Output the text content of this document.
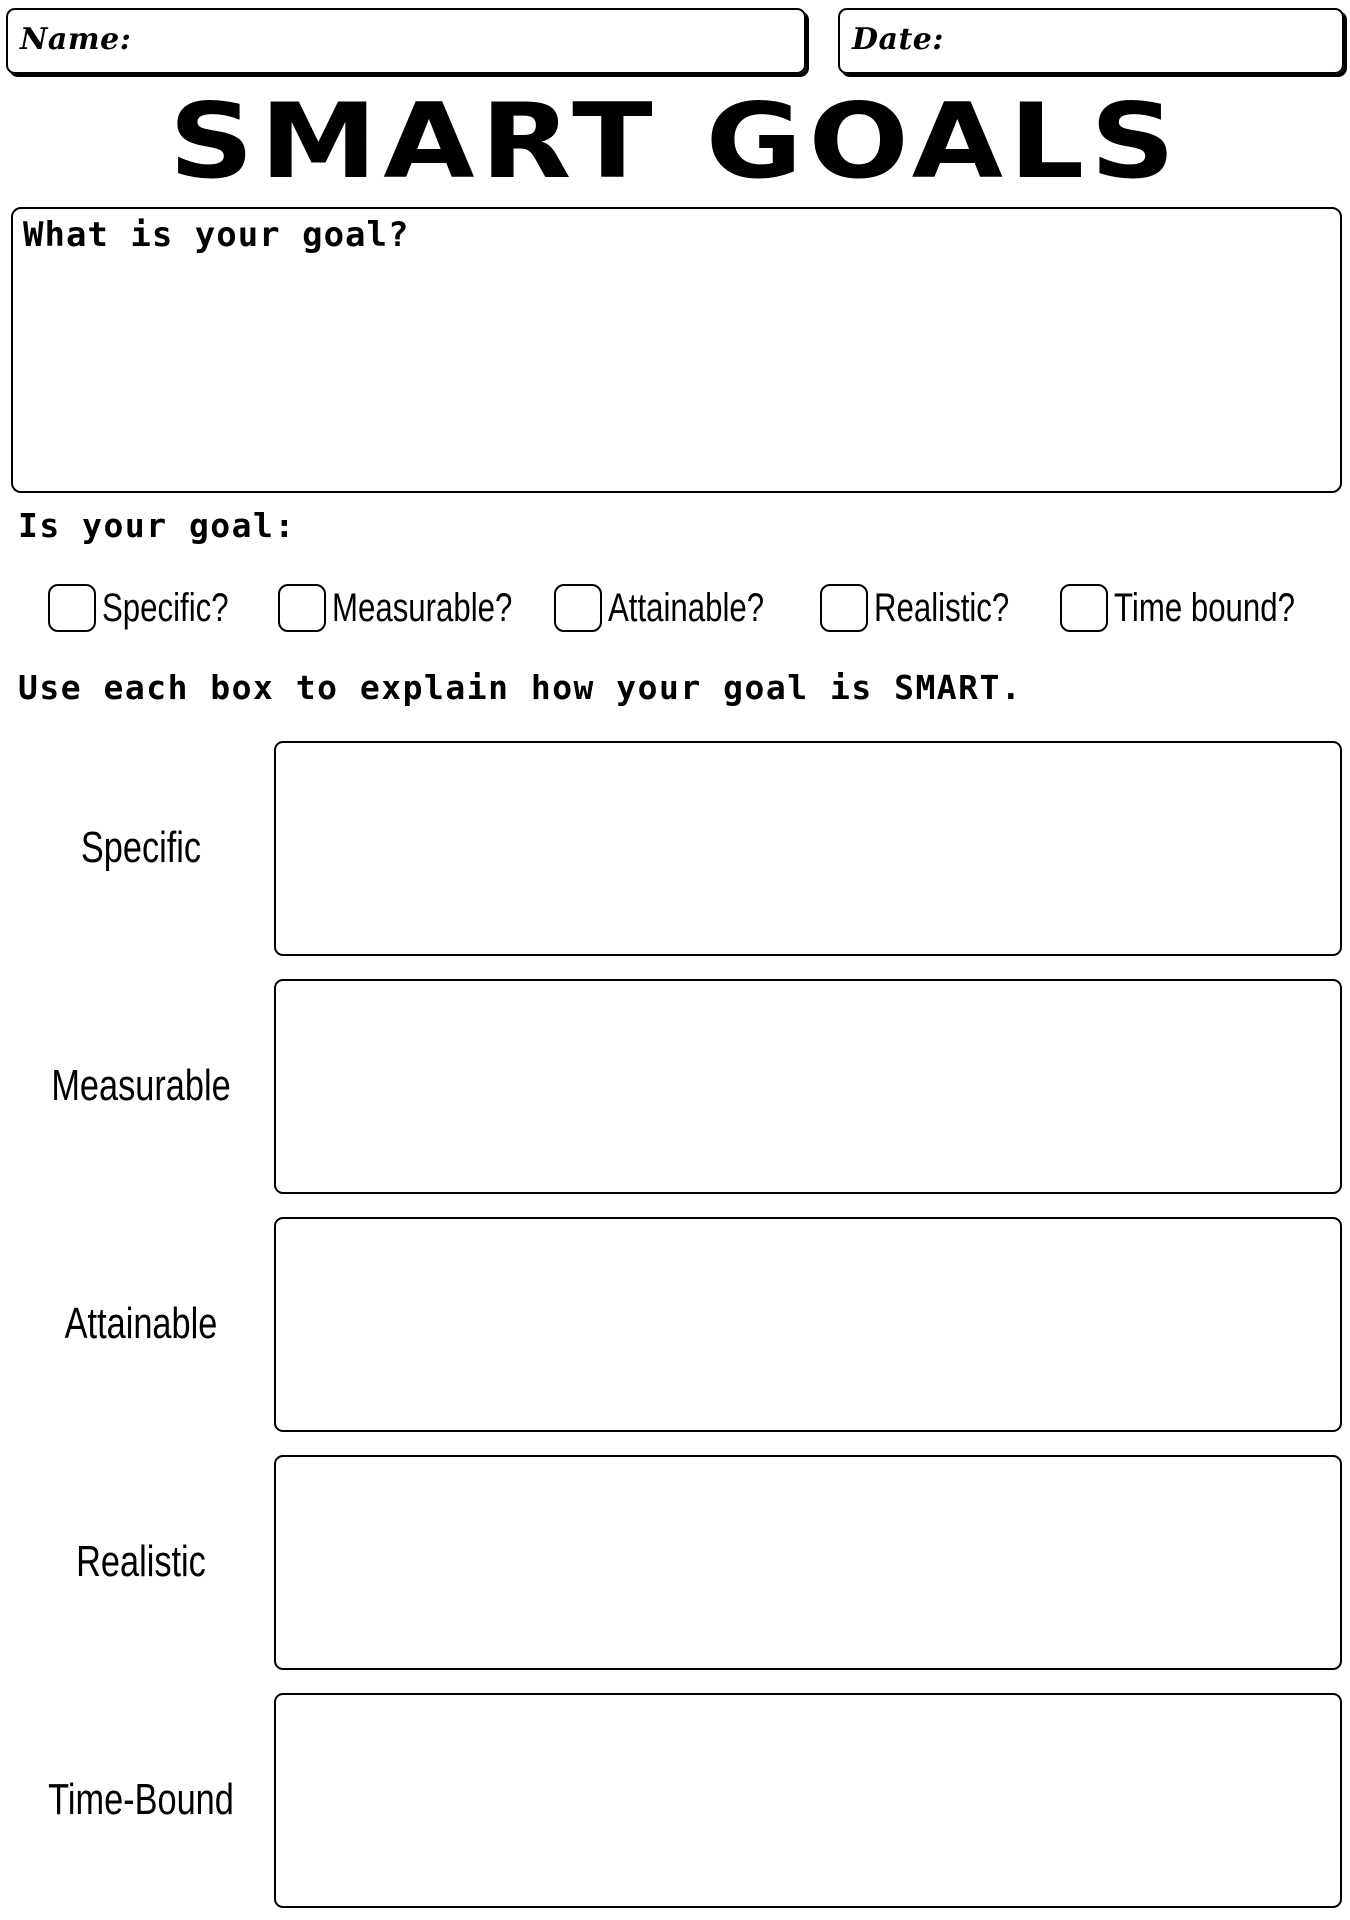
Name:	Date:
SMART GOALS
What is your goal?
Is your goal:
Specific?	Measurable? Attainable?	Realistic?	Time bound?
Use each box to explain how your goal is SMART.
Specific
Measurable
Attainable
Realistic
Time-Bound
